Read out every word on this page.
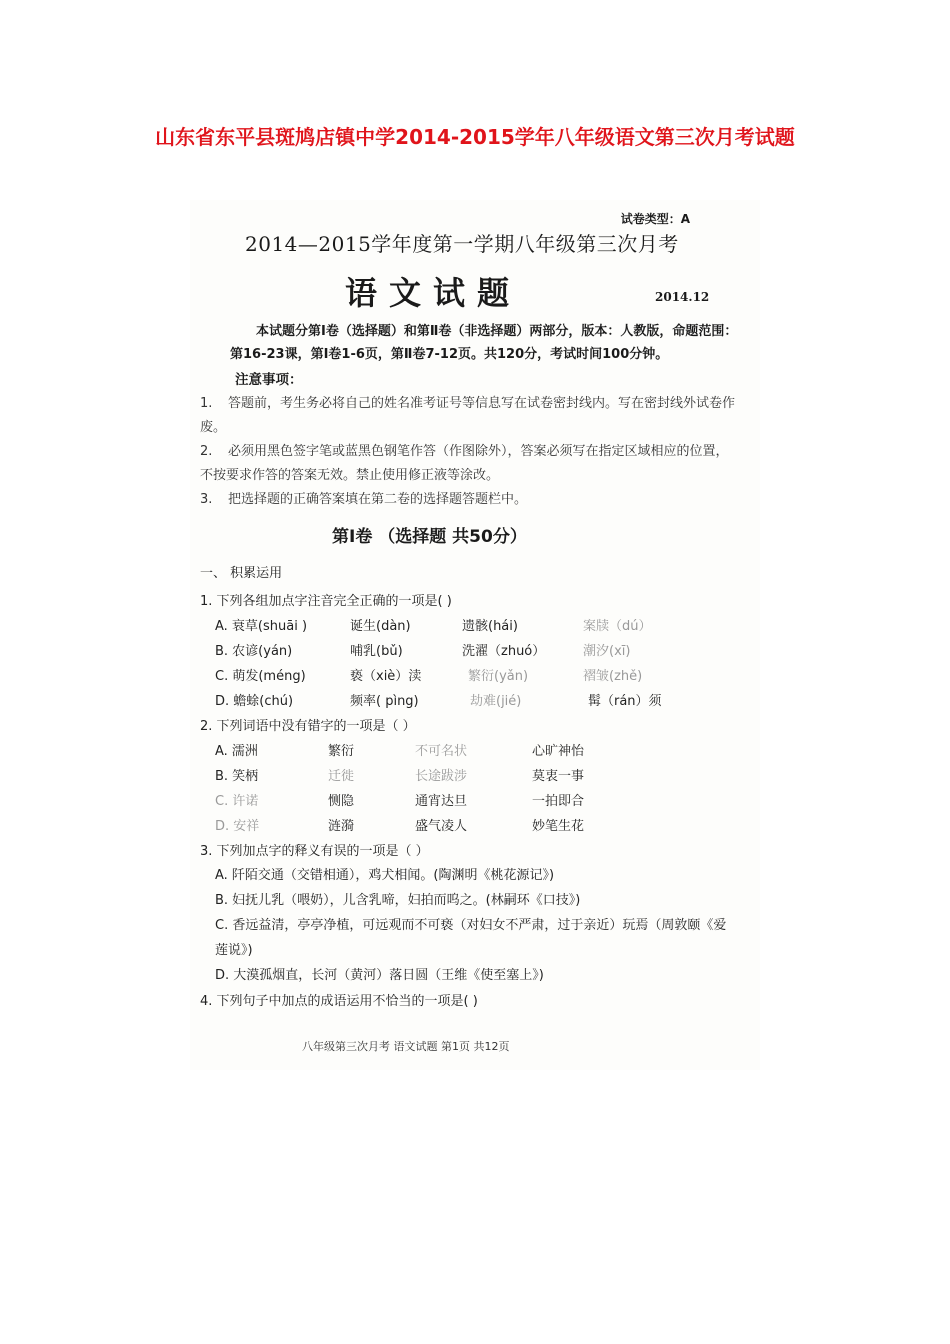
山东省东平县斑鸠店镇中学2014-2015学年八年级语文第三次月考试题
试卷类型：A
2014—2015学年度第一学期八年级第三次月考
语文试题	2014.12
本试题分第Ⅰ卷（选择题）和第Ⅱ卷（非选择题）两部分，版本：人教版，命题范围：第16-23课，第Ⅰ卷1-6页，第Ⅱ卷7-12页。共120分，考试时间100分钟。
注意事项：
1. 答题前，考生务必将自己的姓名准考证号等信息写在试卷密封线内。写在密封线外试卷作废。
2. 必须用黑色签字笔或蓝黑色钢笔作答（作图除外），答案必须写在指定区域相应的位置，不按要求作答的答案无效。禁止使用修正液等涂改。
3. 把选择题的正确答案填在第二卷的选择题答题栏中。
第Ⅰ卷 （选择题 共50分）
一、 积累运用
1. 下列各组加点字注音完全正确的一项是( )
A. 衰草(shuāi )	诞生(dàn)	遗骸(hái)	案牍（dú）
B. 农谚(yán)	哺乳(bǔ)	洗濯（zhuó）	潮汐(xī)
C. 萌发(méng)	亵（xiè）渎	繁衍(yǎn)	褶皱(zhě)
D. 蟾蜍(chú)	频率( pìng)	劫难(jié)	髯（rán）须
2. 下列词语中没有错字的一项是（ ）
A. 濡洲	繁衍	不可名状	心旷神怡
B. 笑柄	迁徙	长途跋涉	莫衷一事
C. 许诺	恻隐	通宵达旦	一拍即合
D. 安祥	涟漪	盛气凌人	妙笔生花
3. 下列加点字的释义有误的一项是（ ）
A. 阡陌交通（交错相通），鸡犬相闻。(陶渊明《桃花源记》)
B. 妇抚儿乳（喂奶），儿含乳啼，妇拍而呜之。(林嗣环《口技》)
C. 香远益清，亭亭净植，可远观而不可亵（对妇女不严肃，过于亲近）玩焉（周敦颐《爱莲说》)
D. 大漠孤烟直，长河（黄河）落日圆（王维《使至塞上》)
4. 下列句子中加点的成语运用不恰当的一项是( )
八年级第三次月考 语文试题 第1页 共12页
